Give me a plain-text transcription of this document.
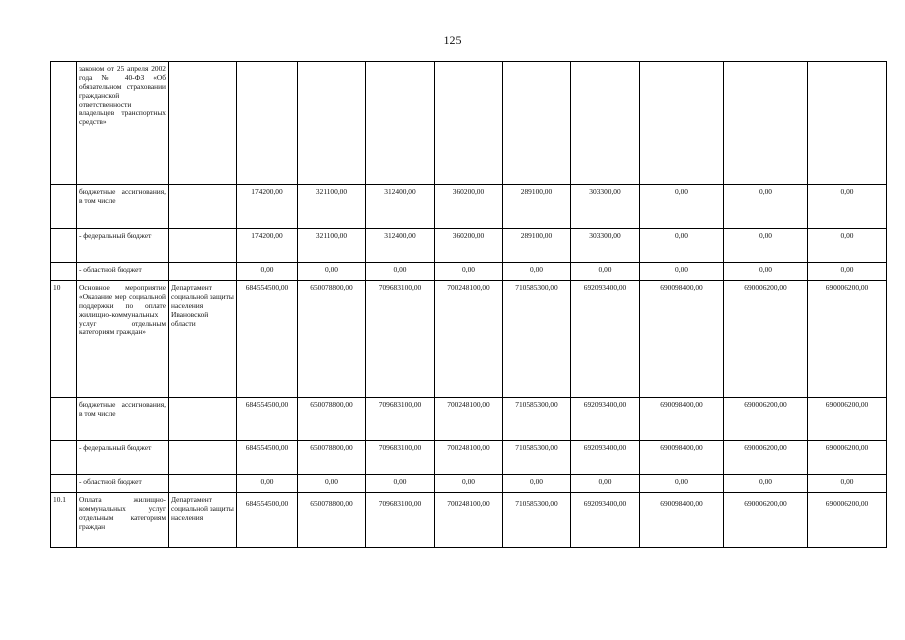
125
	законом от 25 апреля 2002 года № 40-ФЗ «Об обязательном страховании гражданской ответственности владельцев транспортных средств»										
	бюджетные ассигнования, в том числе		174200,00	321100,00	312400,00	360200,00	289100,00	303300,00	0,00	0,00	0,00
	- федеральный бюджет		174200,00	321100,00	312400,00	360200,00	289100,00	303300,00	0,00	0,00	0,00
	- областной бюджет		0,00	0,00	0,00	0,00	0,00	0,00	0,00	0,00	0,00
10	Основное мероприятие «Оказание мер социальной поддержки по оплате жилищно-коммунальных услуг отдельным категориям граждан»	Департамент социальной защиты населения Ивановской области	684554500,00	650078800,00	709683100,00	700248100,00	710585300,00	692093400,00	690098400,00	690006200,00	690006200,00
	бюджетные ассигнования, в том числе		684554500,00	650078800,00	709683100,00	700248100,00	710585300,00	692093400,00	690098400,00	690006200,00	690006200,00
	- федеральный бюджет		684554500,00	650078800,00	709683100,00	700248100,00	710585300,00	692093400,00	690098400,00	690006200,00	690006200,00
	- областной бюджет		0,00	0,00	0,00	0,00	0,00	0,00	0,00	0,00	0,00
10.1	Оплата жилищно-коммунальных услуг отдельным категориям граждан	Департамент социальной защиты населения	684554500,00	650078800,00	709683100,00	700248100,00	710585300,00	692093400,00	690098400,00	690006200,00	690006200,00
